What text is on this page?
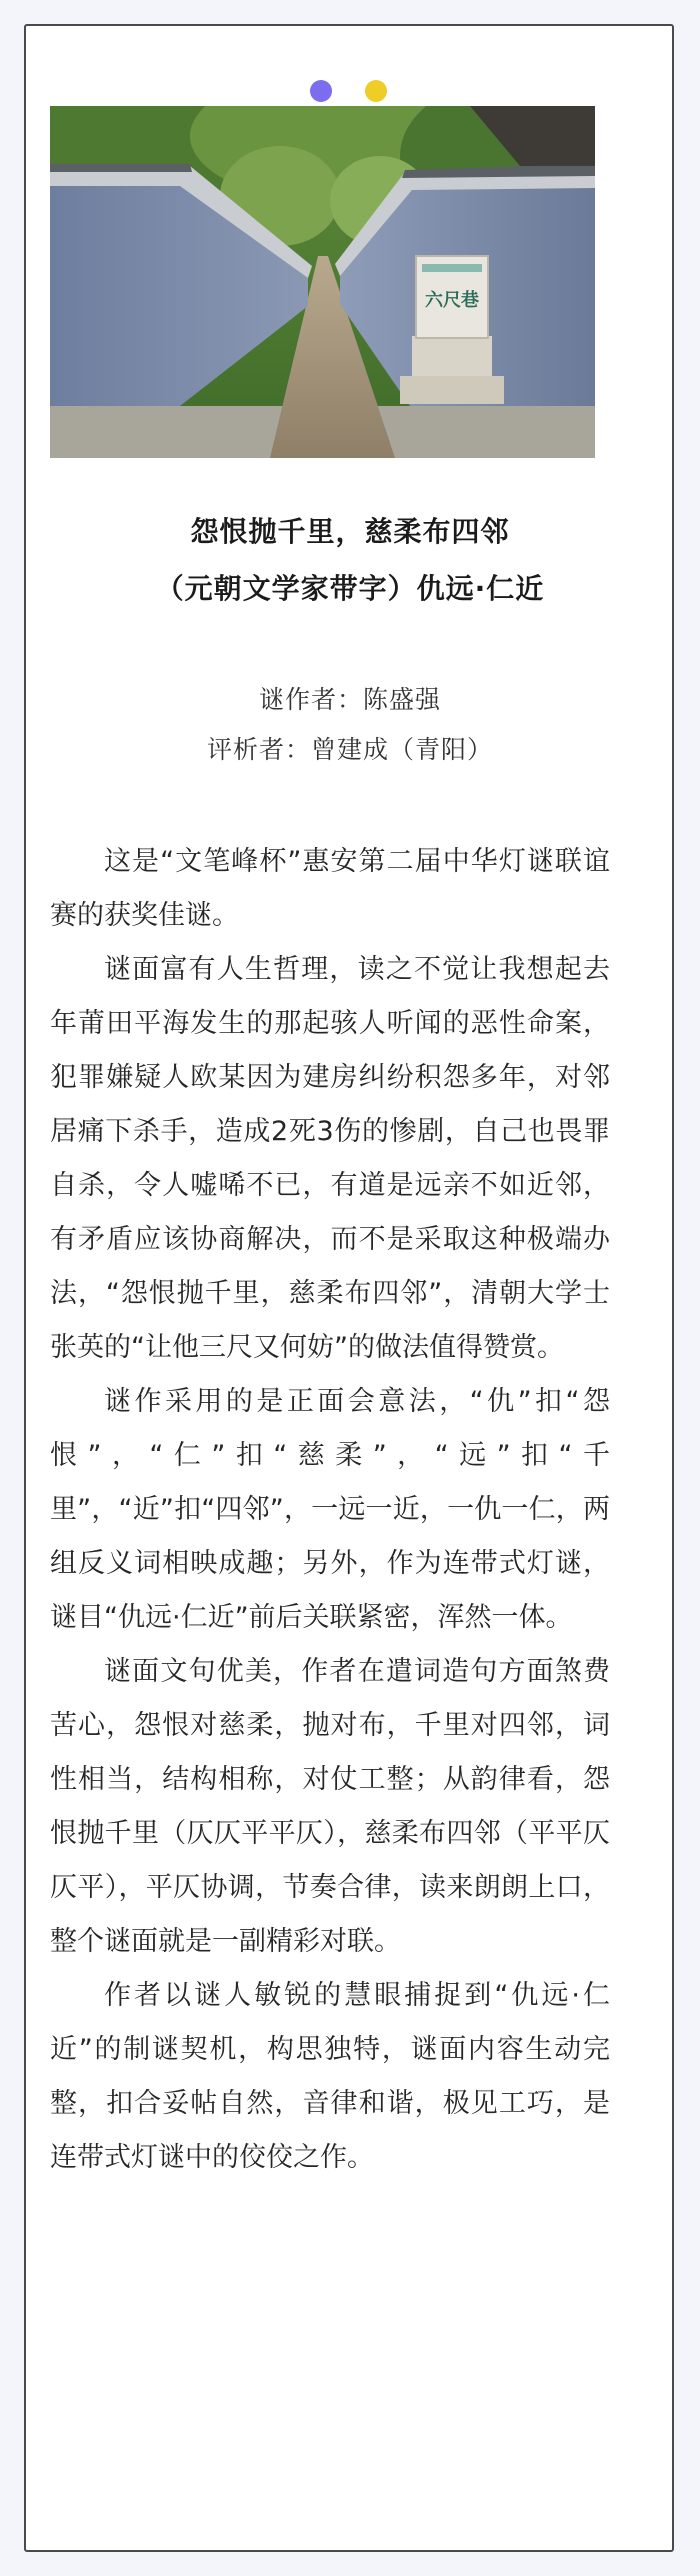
六尺巷
怨恨抛千里，慈柔布四邻
（元朝文学家带字）仇远·仁近
谜作者：陈盛强
评析者：曾建成（青阳）

这是“文笔峰杯”惠安第二届中华灯谜联谊赛的获奖佳谜。

谜面富有人生哲理，读之不觉让我想起去年莆田平海发生的那起骇人听闻的恶性命案，犯罪嫌疑人欧某因为建房纠纷积怨多年，对邻居痛下杀手，造成2死3伤的惨剧，自己也畏罪自杀，令人嘘唏不已，有道是远亲不如近邻，有矛盾应该协商解决，而不是采取这种极端办法，“怨恨抛千里，慈柔布四邻”，清朝大学士张英的“让他三尺又何妨”的做法值得赞赏。

谜作采用的是正面会意法，“仇”扣“怨恨”，“仁”扣“慈柔”，“远”扣“千里”，“近”扣“四邻”，一远一近，一仇一仁，两组反义词相映成趣；另外，作为连带式灯谜，谜目“仇远·仁近”前后关联紧密，浑然一体。

谜面文句优美，作者在遣词造句方面煞费苦心，怨恨对慈柔，抛对布，千里对四邻，词性相当，结构相称，对仗工整；从韵律看，怨恨抛千里（仄仄平平仄），慈柔布四邻（平平仄仄平），平仄协调，节奏合律，读来朗朗上口，整个谜面就是一副精彩对联。

作者以谜人敏锐的慧眼捕捉到“仇远·仁近”的制谜契机，构思独特，谜面内容生动完整，扣合妥帖自然，音律和谐，极见工巧，是连带式灯谜中的佼佼之作。
